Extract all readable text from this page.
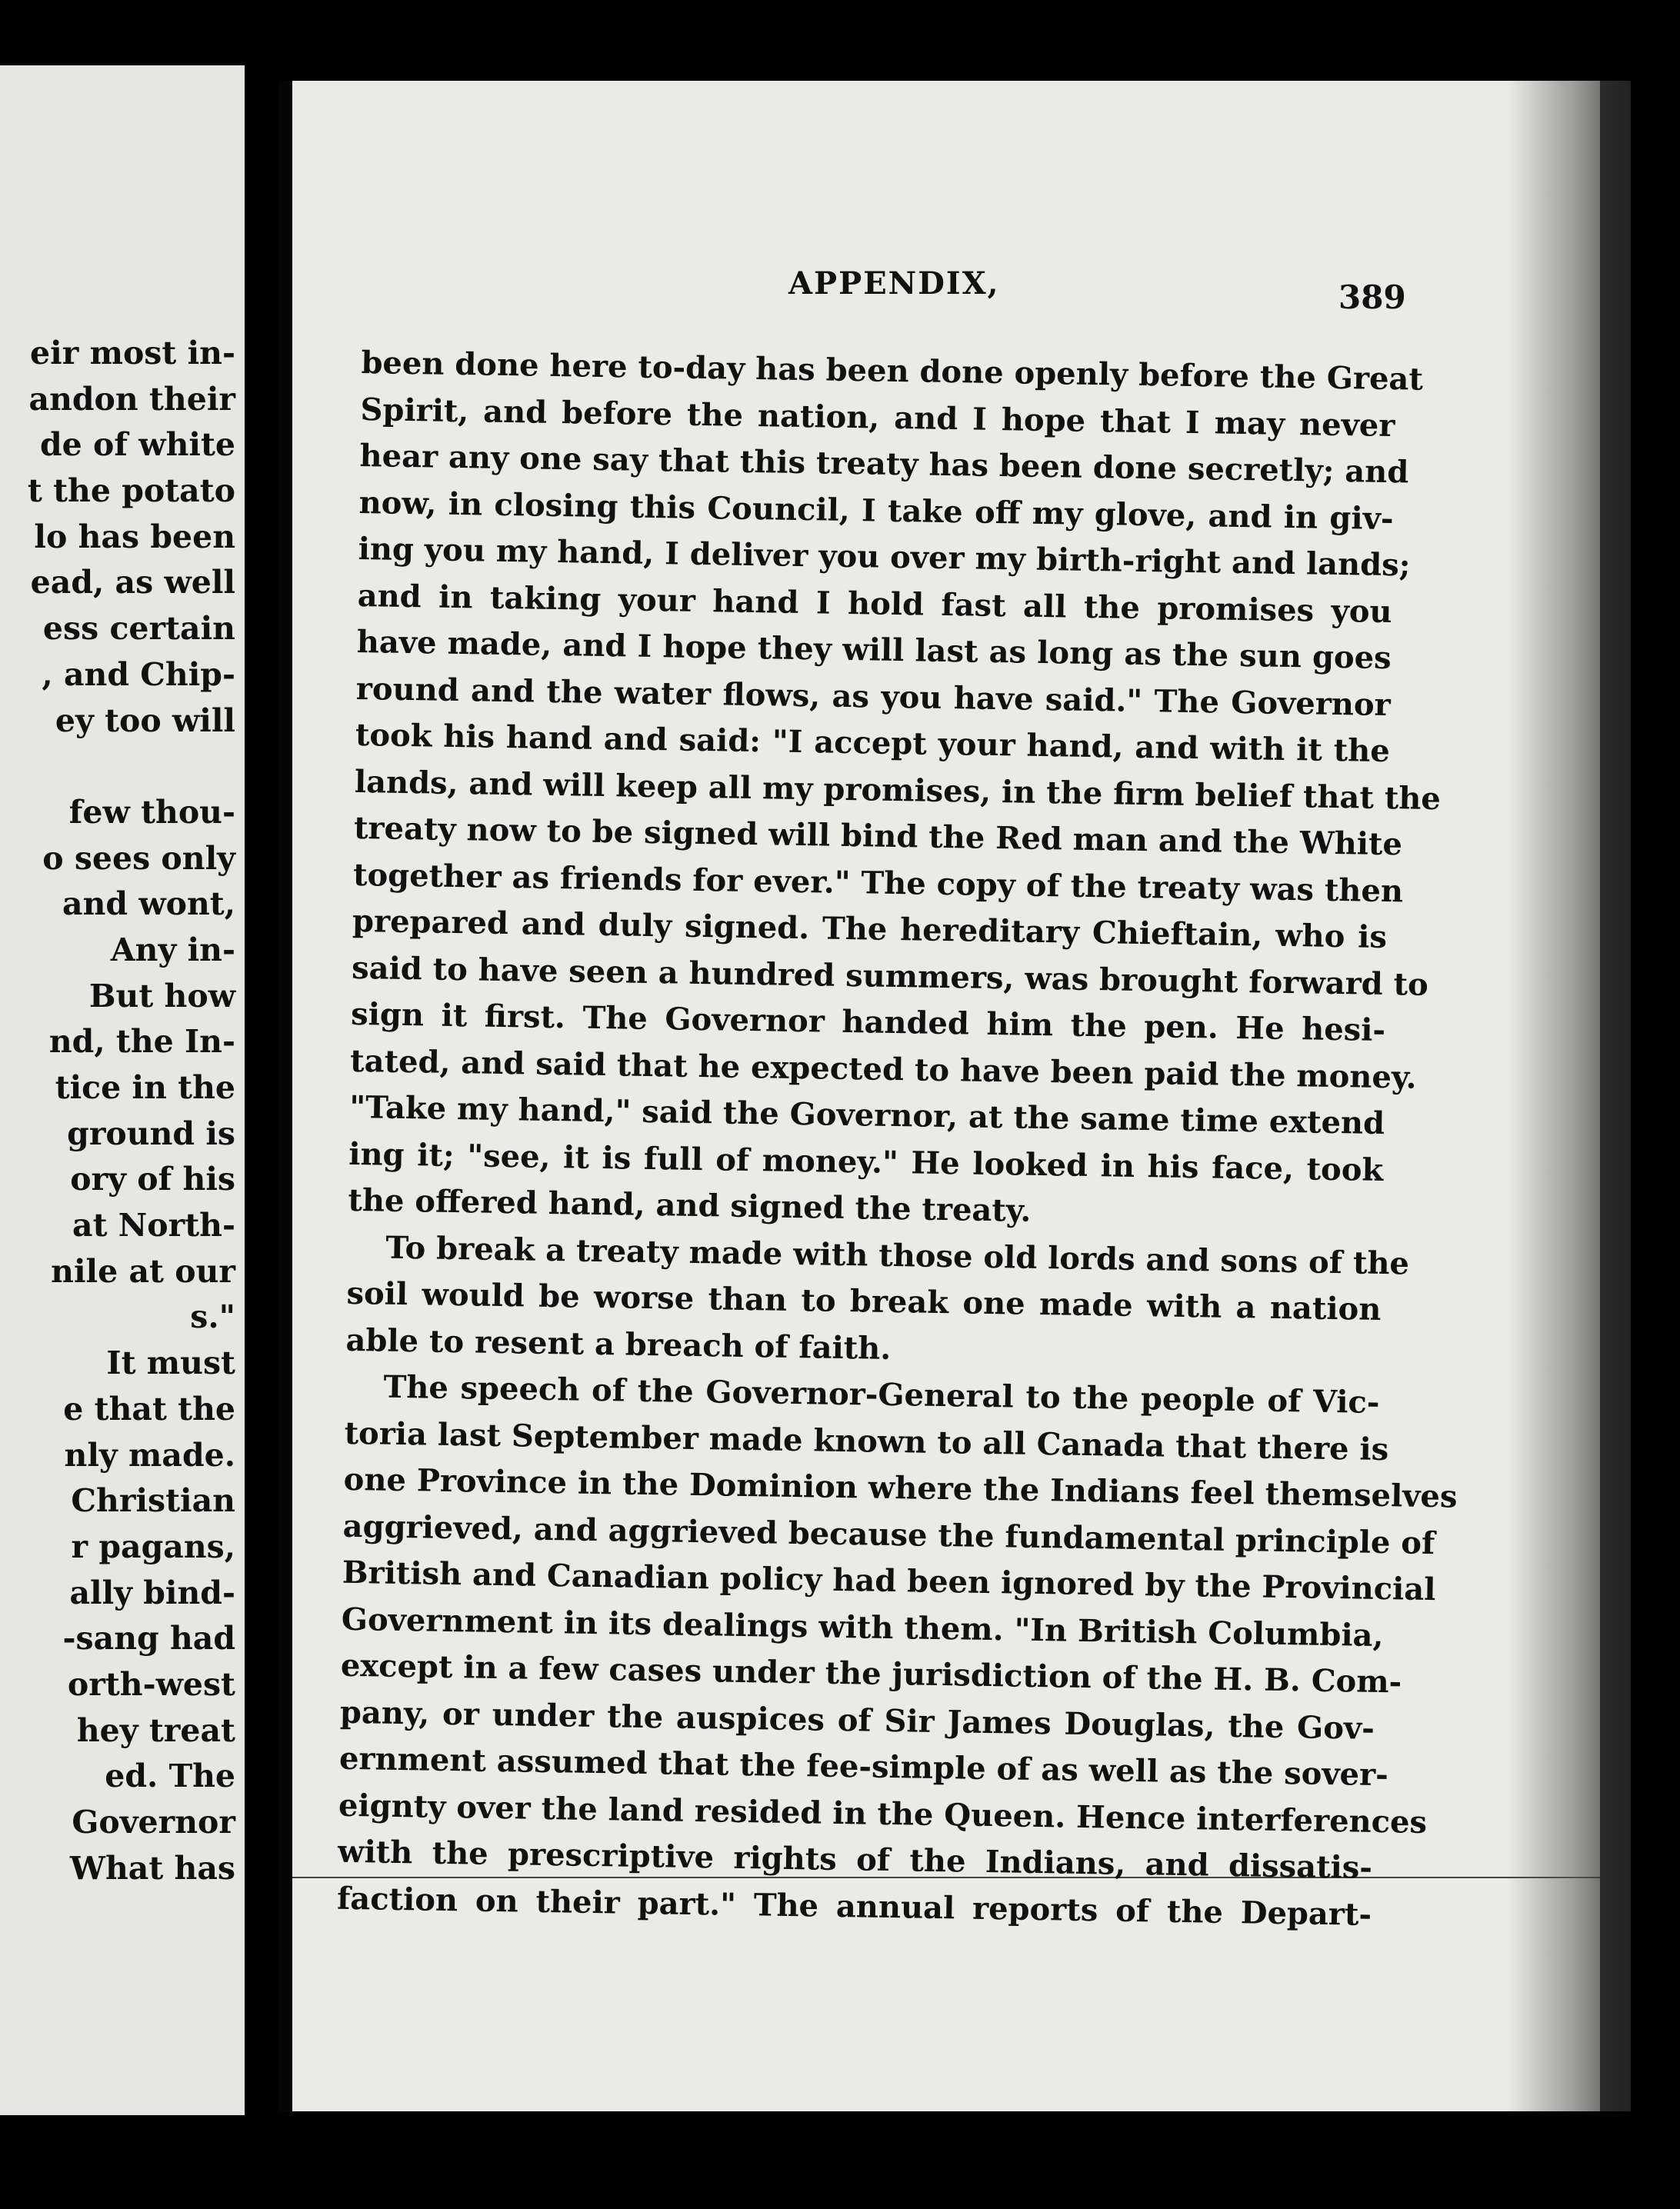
eir most in-
andon their
de of white
t the potato
lo has been
ead, as well
ess certain
, and Chip-
ey too will
few thou-
o sees only
and wont,
Any in-
But how
nd, the In-
tice in the
ground is
ory of his
at North-
nile at our
s."
It must
e that the
nly made.
Christian
r pagans,
ally bind-
-sang had
orth-west
hey treat
ed. The
Governor
What has
APPENDIX,	389
been done here to-day has been done openly before the Great
Spirit, and before the nation, and I hope that I may never
hear any one say that this treaty has been done secretly; and
now, in closing this Council, I take off my glove, and in giv-
ing you my hand, I deliver you over my birth-right and lands;
and in taking your hand I hold fast all the promises you
have made, and I hope they will last as long as the sun goes
round and the water flows, as you have said." The Governor
took his hand and said: "I accept your hand, and with it the
lands, and will keep all my promises, in the firm belief that the
treaty now to be signed will bind the Red man and the White
together as friends for ever." The copy of the treaty was then
prepared and duly signed. The hereditary Chieftain, who is
said to have seen a hundred summers, was brought forward to
sign it first. The Governor handed him the pen. He hesi-
tated, and said that he expected to have been paid the money.
"Take my hand," said the Governor, at the same time extend
ing it; "see, it is full of money." He looked in his face, took
the offered hand, and signed the treaty.
To break a treaty made with those old lords and sons of the
soil would be worse than to break one made with a nation
able to resent a breach of faith.
The speech of the Governor-General to the people of Vic-
toria last September made known to all Canada that there is
one Province in the Dominion where the Indians feel themselves
aggrieved, and aggrieved because the fundamental principle of
British and Canadian policy had been ignored by the Provincial
Government in its dealings with them. "In British Columbia,
except in a few cases under the jurisdiction of the H. B. Com-
pany, or under the auspices of Sir James Douglas, the Gov-
ernment assumed that the fee-simple of as well as the sover-
eignty over the land resided in the Queen. Hence interferences
with the prescriptive rights of the Indians, and dissatis-
faction on their part." The annual reports of the Depart-
